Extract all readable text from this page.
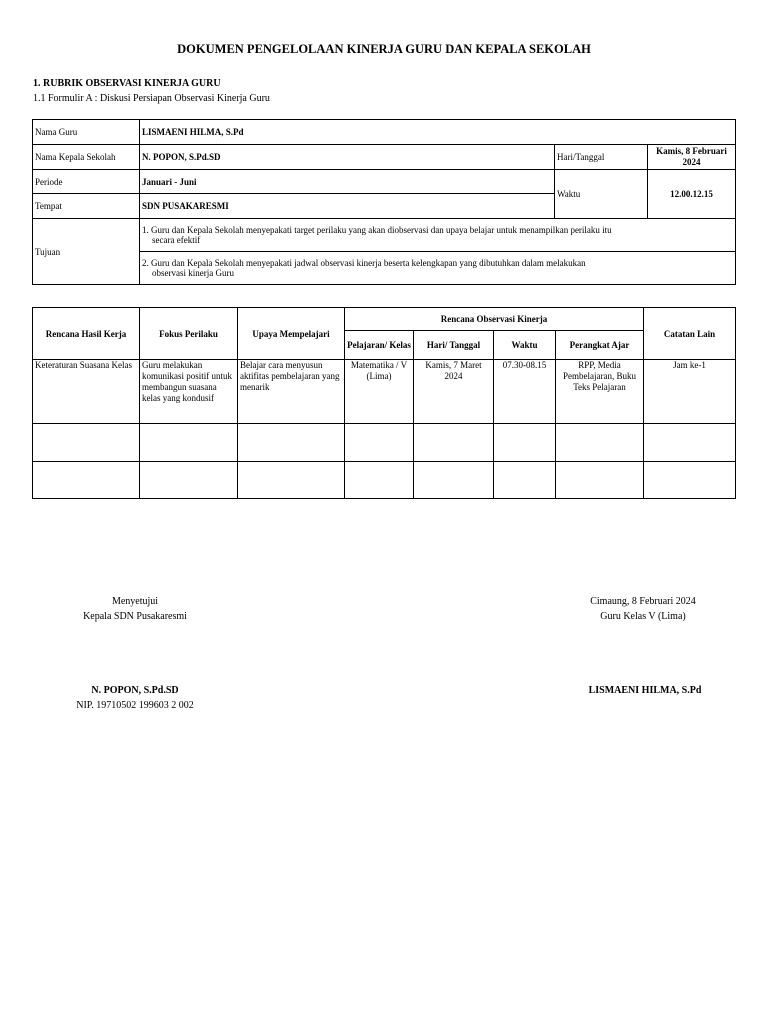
DOKUMEN PENGELOLAAN KINERJA GURU DAN KEPALA SEKOLAH
1. RUBRIK OBSERVASI KINERJA GURU
1.1 Formulir A : Diskusi Persiapan Observasi Kinerja Guru
Nama Guru	LISMAENI HILMA, S.Pd		
Nama Kepala Sekolah	N. POPON, S.Pd.SD	Hari/Tanggal	Kamis, 8 Februari 2024
Periode	Januari - Juni	Waktu	12.00.12.15
Tempat	SDN PUSAKARESMI		
Tujuan	1. Guru dan Kepala Sekolah menyepakati target perilaku yang akan diobservasi dan upaya belajar untuk menampilkan perilaku itu secara efektif		

	2. Guru dan Kepala Sekolah menyepakati jadwal observasi kinerja beserta kelengkapan yang dibutuhkan dalam melakukan observasi kinerja Guru		
Rencana Hasil Kerja	Fokus Perilaku	Upaya Mempelajari	Rencana Observasi Kinerja				Catatan Lain
			Pelajaran/ Kelas	Hari/ Tanggal	Waktu	Perangkat Ajar	
Keteraturan Suasana Kelas	Guru melakukan komunikasi positif untuk membangun suasana kelas yang kondusif	Belajar cara menyusun aktifitas pembelajaran yang menarik	Matematika / V (Lima)	Kamis, 7 Maret 2024	07.30-08.15	RPP, Media Pembelajaran, Buku Teks Pelajaran	Jam ke-1

Menyetujui
Kepala SDN Pusakaresmi
N. POPON, S.Pd.SD
NIP. 19710502 199603 2 002
Cimaung, 8 Februari 2024
Guru Kelas V (Lima)
LISMAENI HILMA, S.Pd
